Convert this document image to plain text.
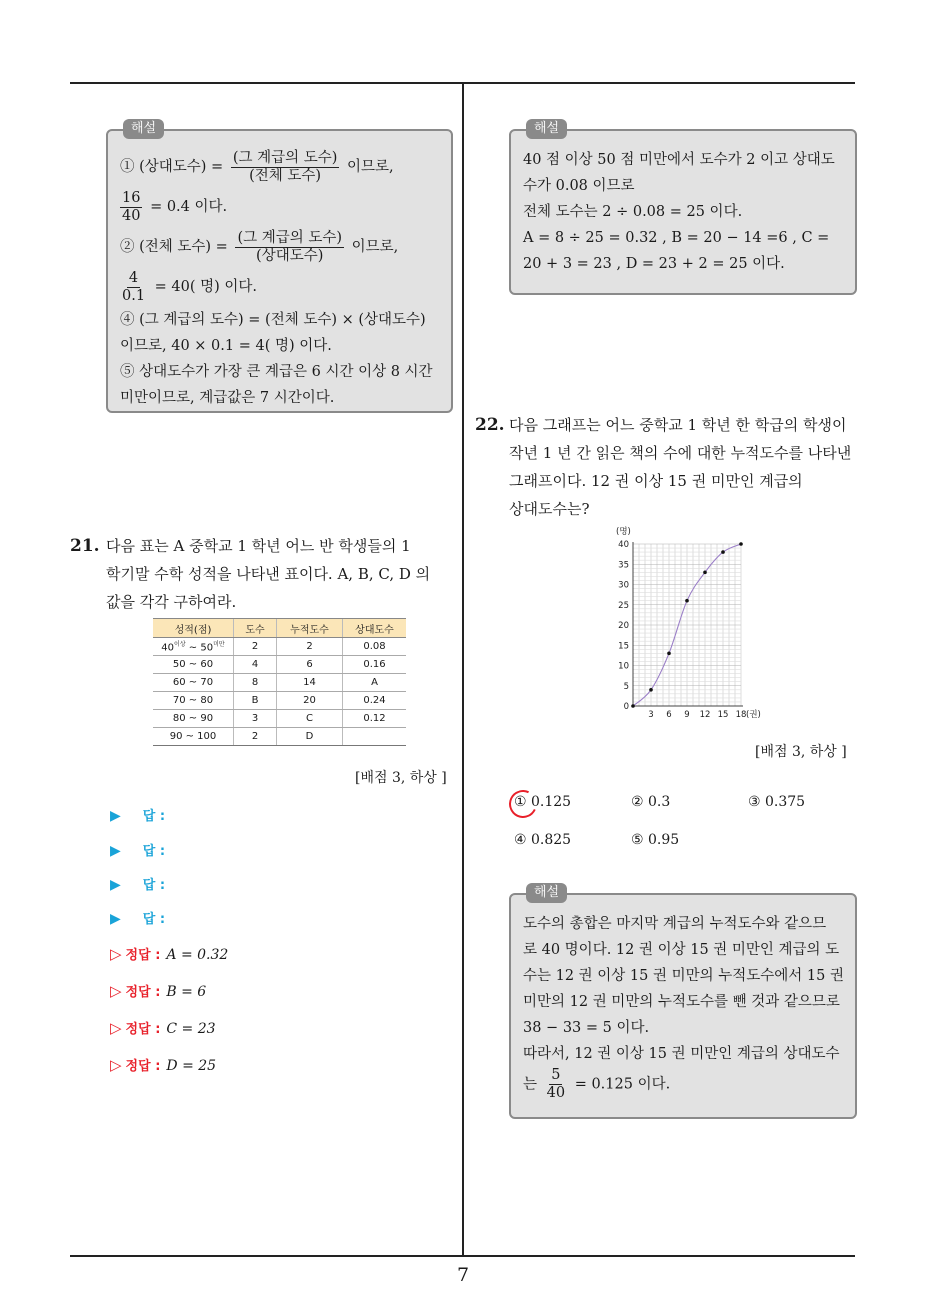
7
해설
① (상대도수) = $\frac{\text{(그 계급의 도수)}}{\text{(전체 도수)}}$ 이므로,
$\frac{16}{40} = 0.4$ 이다.
② (전체 도수) = $\frac{\text{(그 계급의 도수)}}{\text{(상대도수)}}$ 이므로,
$\frac{4}{0.1} = 40$( 명) 이다.
④ (그 계급의 도수) = (전체 도수) × (상대도수)
이므로, 40 × 0.1 = 4( 명) 이다.
⑤ 상대도수가 가장 큰 계급은 6 시간 이상 8 시간
미만이므로, 계급값은 7 시간이다.
21. 다음 표는 A 중학교 1 학년 어느 반 학생들의 1
학기말 수학 성적을 나타낸 표이다. A, B, C, D 의
값을 각각 구하여라.
성적(점)	도수	누적도수	상대도수
$40^{이상}$ ~ $50^{미만}$	2	2	0.08
50 ~ 60	4	6	0.16
60 ~ 70	8	14	A
70 ~ 80	B	20	0.24
80 ~ 90	3	C	0.12
90 ~ 100	2	D	
[배점 3, 하상 ]
▶ 답 :
▶ 답 :
▶ 답 :
▶ 답 :
▷ 정답 : A = 0.32
▷ 정답 : B = 6
▷ 정답 : C = 23
▷ 정답 : D = 25
해설
40 점 이상 50 점 미만에서 도수가 2 이고 상대도
수가 0.08 이므로
전체 도수는 2 ÷ 0.08 = 25 이다.
A = 8 ÷ 25 = 0.32 , B = 20 − 14 =6 , C =
20 + 3 = 23 , D = 23 + 2 = 25 이다.
22. 다음 그래프는 어느 중학교 1 학년 한 학급의 학생이
작년 1 년 간 읽은 책의 수에 대한 누적도수를 나타낸
그래프이다. 12 권 이상 15 권 미만인 계급의
상대도수는?
5
10
15
20
25
30
35
40
3 6 9 12 15 18
0
(명)
(권)
[배점 3, 하상 ]
① 0.125	② 0.3	③ 0.375
④ 0.825	⑤ 0.95
해설
도수의 총합은 마지막 계급의 누적도수와 같으므
로 40 명이다. 12 권 이상 15 권 미만인 계급의 도
수는 12 권 이상 15 권 미만의 누적도수에서 15 권
미만의 12 권 미만의 누적도수를 뺀 것과 같으므로
38 − 33 = 5 이다.
따라서, 12 권 이상 15 권 미만인 계급의 상대도수
는 $\frac{5}{40} = 0.125$ 이다.
